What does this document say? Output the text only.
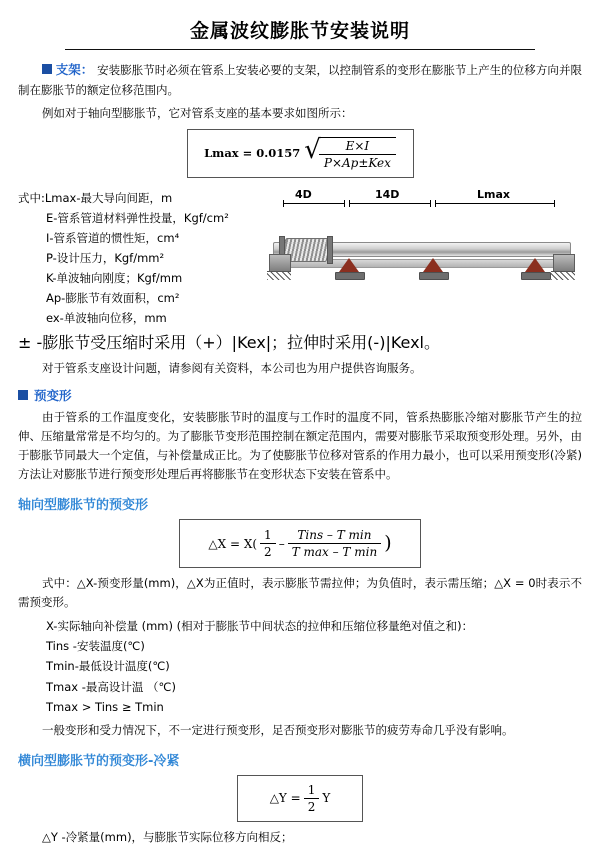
金属波纹膨胀节安装说明

支架： 安装膨胀节时必须在管系上安装必要的支架，以控制管系的变形在膨胀节上产生的位移方向并限制在膨胀节的额定位移范围内。

例如对于轴向型膨胀节，它对管系支座的基本要求如图所示：

Lmax = 0.0157 √
$\frac{E\times I}{\text{P×Ap±Kex}}$
式中:Lmax-最大导向间距，m
E-管系管道材料弹性投量，Kgf/cm²
I-管系管道的惯性矩，cm⁴
P-设计压力，Kgf/mm²
K-单波轴向刚度；Kgf/mm
Ap-膨胀节有效面积，cm²
ex-单波轴向位移，mm
4D	14D	Lmax
± -膨胀节受压缩时采用（+）|Kex|；拉伸时采用(-)|Kexl。

对于管系支座设计问题，请参阅有关资料，本公司也为用户提供咨询服务。

预变形

由于管系的工作温度变化，安装膨胀节时的温度与工作时的温度不同，管系热膨胀冷缩对膨胀节产生的拉伸、压缩量常常是不均匀的。为了膨胀节变形范围控制在额定范围内，需要对膨胀节采取预变形处理。另外，由于膨胀节同最大一个定值，与补偿量成正比。为了使膨胀节位移对管系的作用力最小，也可以采用预变形(冷紧)方法让对膨胀节进行预变形处理后再将膨胀节在变形状态下安装在管系中。

轴向型膨胀节的预变形
△X = $X( \frac{1}{2} - \frac{\text{Tins – T min}}{\text{T max – T min}}$ )

式中：△X-预变形量(mm)，△X为正值时，表示膨胀节需拉伸；为负值时，表示需压缩；△X = 0时表示不需预变形。

X-实际轴向补偿量 (mm) (相对于膨胀节中间状态的拉伸和压缩位移量绝对值之和)：
Tins -安装温度(℃)
Tmin-最低设计温度(℃)
Tmax -最高设计温 （℃)
Tmax > Tins ≥ Tmin

一般变形和受力情况下，不一定进行预变形，足否预变形对膨胀节的疲劳寿命几乎没有影响。

横向型膨胀节的预变形-冷紧
△Y = $\frac{1}{2}$ Y

△Y -冷紧量(mm)，与膨胀节实际位移方向相反；
